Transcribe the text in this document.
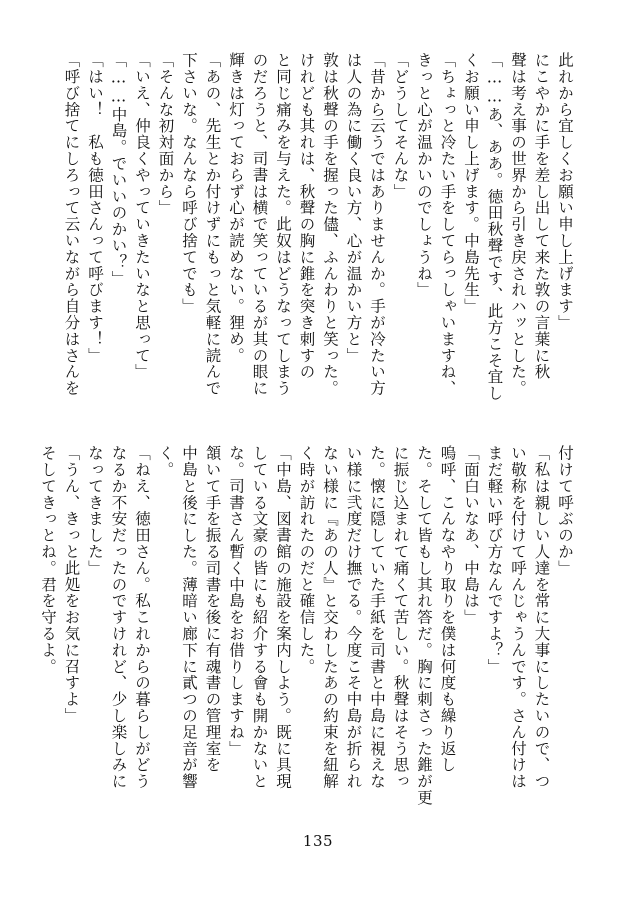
此れから宜しくお願い申し上げます」

にこやかに手を差し出して来た敦の言葉に秋

聲は考え事の世界から引き戻されハッとした。

「……あ、ああ。徳田秋聲です、此方こそ宜し

くお願い申し上げます。中島先生」

「ちょっと冷たい手をしてらっしゃいますね、

きっと心が温かいのでしょうね」

「どうしてそんな」

「昔から云うではありませんか。手が冷たい方

は人の為に働く良い方、心が温かい方と」

敦は秋聲の手を握った儘、ふんわりと笑った。

けれども其れは、秋聲の胸に錐を突き刺すの

と同じ痛みを与えた。此奴はどうなってしまう

のだろうと、司書は横で笑っているが其の眼に

輝きは灯っておらず心が読めない。狸め。

「あの、先生とか付けずにもっと気軽に読んで

下さいな。なんなら呼び捨てでも」

「そんな初対面から」

「いえ、仲良くやっていきたいなと思って」

「……中島。でいいのかい？」

「はい！　私も徳田さんって呼びます！」

「呼び捨てにしろって云いながら自分はさんを

付けて呼ぶのか」

「私は親しい人達を常に大事にしたいので、つ

い敬称を付けて呼んじゃうんです。さん付けは

まだ軽い呼び方なんですよ？」

「面白いなあ、中島は」

嗚呼、こんなやり取りを僕は何度も繰り返し

た。そして皆もし其れ答だ。胸に刺さった錐が更

に振じ込まれて痛くて苦しい。秋聲はそう思っ

た。懐に隠していた手紙を司書と中島に視えな

い様に弐度だけ撫でる。今度こそ中島が折られ

ない様に『あの人』と交わしたあの約束を紐解

く時が訪れたのだと確信した。

「中島、図書館の施設を案内しよう。既に具現

している文豪の皆にも紹介する會も開かないと

な。司書さん暫く中島をお借りしますね」

頷いて手を振る司書を後に有魂書の管理室を

中島と後にした。薄暗い廊下に貳つの足音が響

く。

「ねえ、徳田さん。私これからの暮らしがどう

なるか不安だったのですけれど、少し楽しみに

なってきました」

「うん、きっと此処をお気に召すよ」

そしてきっとね。君を守るよ。

135
